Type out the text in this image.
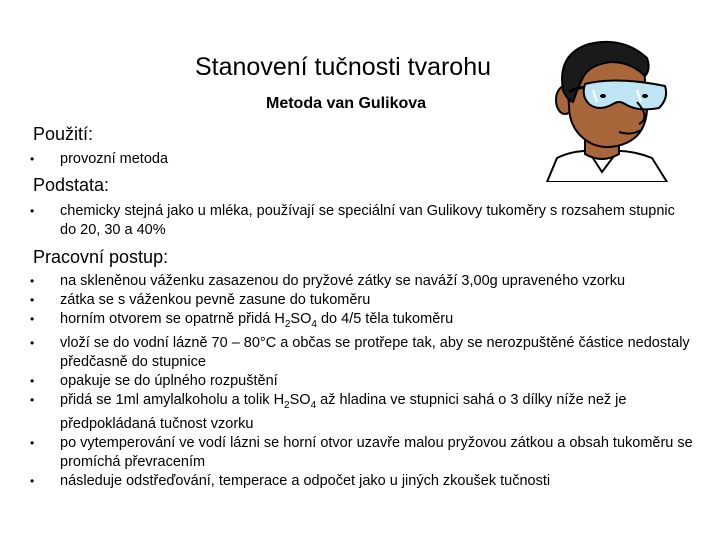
Stanovení tučnosti tvarohu
Metoda van Gulikova
Použití:
• provozní metoda
Podstata:
• chemicky stejná jako u mléka, používají se speciální van Gulikovy tukoměry s rozsahem stupnic do 20, 30 a 40%
Pracovní postup:
• na skleněnou váženku zasazenou do pryžové zátky se naváží 3,00g upraveného vzorku
• zátka se s váženkou pevně zasune do tukoměru
• horním otvorem se opatrně přidá $H_2SO_4$ do 4/5 těla tukoměru
• vloží se do vodní lázně 70 – 80°C a občas se protřepe tak, aby se nerozpuštěné částice nedostaly předčasně do stupnice
• opakuje se do úplného rozpuštění
• přidá se 1ml amylalkoholu a tolik $H_2SO_4$ až hladina ve stupnici sahá o 3 dílky níže než je předpokládaná tučnost vzorku
• po vytemperování ve vodí lázni se horní otvor uzavře malou pryžovou zátkou a obsah tukoměru se promíchá převracením
• následuje odstřeďování, temperace a odpočet jako u jiných zkoušek tučnosti
